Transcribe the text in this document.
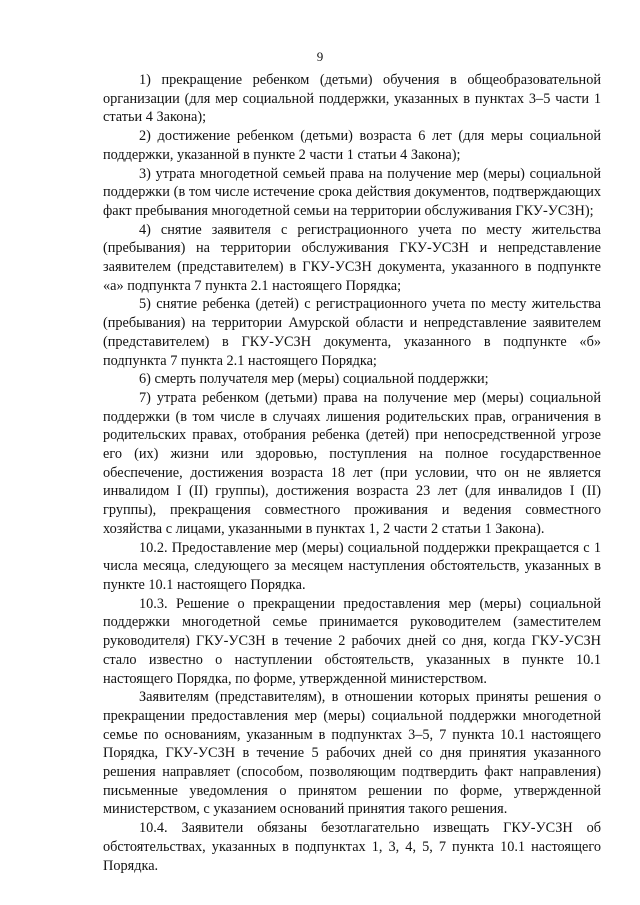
9

1) прекращение ребенком (детьми) обучения в общеобразовательной организации (для мер социальной поддержки, указанных в пунктах 3–5 части 1 статьи 4 Закона);

2) достижение ребенком (детьми) возраста 6 лет (для меры социальной поддержки, указанной в пункте 2 части 1 статьи 4 Закона);

3) утрата многодетной семьей права на получение мер (меры) социальной поддержки (в том числе истечение срока действия документов, подтверждающих факт пребывания многодетной семьи на территории обслуживания ГКУ-УСЗН);

4) снятие заявителя с регистрационного учета по месту жительства (пребывания) на территории обслуживания ГКУ-УСЗН и непредставление заявителем (представителем) в ГКУ-УСЗН документа, указанного в подпункте «а» подпункта 7 пункта 2.1 настоящего Порядка;

5) снятие ребенка (детей) с регистрационного учета по месту жительства (пребывания) на территории Амурской области и непредставление заявителем (представителем) в ГКУ-УСЗН документа, указанного в подпункте «б» подпункта 7 пункта 2.1 настоящего Порядка;

6) смерть получателя мер (меры) социальной поддержки;

7) утрата ребенком (детьми) права на получение мер (меры) социальной поддержки (в том числе в случаях лишения родительских прав, ограничения в родительских правах, отобрания ребенка (детей) при непосредственной угрозе его (их) жизни или здоровью, поступления на полное государственное обеспечение, достижения возраста 18 лет (при условии, что он не является инвалидом I (II) группы), достижения возраста 23 лет (для инвалидов I (II) группы), прекращения совместного проживания и ведения совместного хозяйства с лицами, указанными в пунктах 1, 2 части 2 статьи 1 Закона).

10.2. Предоставление мер (меры) социальной поддержки прекращается с 1 числа месяца, следующего за месяцем наступления обстоятельств, указанных в пункте 10.1 настоящего Порядка.

10.3. Решение о прекращении предоставления мер (меры) социальной поддержки многодетной семье принимается руководителем (заместителем руководителя) ГКУ-УСЗН в течение 2 рабочих дней со дня, когда ГКУ-УСЗН стало известно о наступлении обстоятельств, указанных в пункте 10.1 настоящего Порядка, по форме, утвержденной министерством.

Заявителям (представителям), в отношении которых приняты решения о прекращении предоставления мер (меры) социальной поддержки многодетной семье по основаниям, указанным в подпунктах 3–5, 7 пункта 10.1 настоящего Порядка, ГКУ-УСЗН в течение 5 рабочих дней со дня принятия указанного решения направляет (способом, позволяющим подтвердить факт направления) письменные уведомления о принятом решении по форме, утвержденной министерством, с указанием оснований принятия такого решения.

10.4. Заявители обязаны безотлагательно извещать ГКУ-УСЗН об обстоятельствах, указанных в подпунктах 1, 3, 4, 5, 7 пункта 10.1 настоящего Порядка.
